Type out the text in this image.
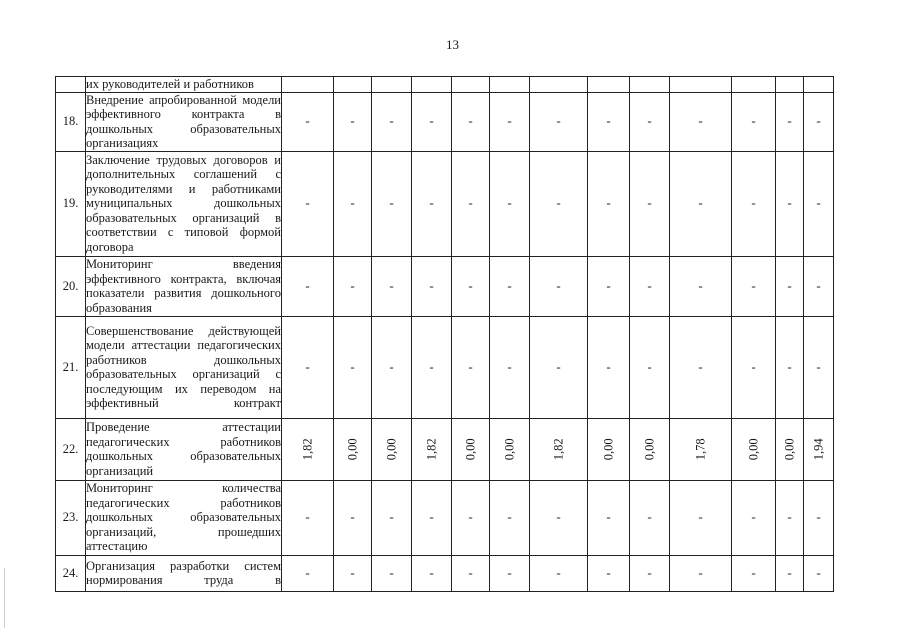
13
	их руководителей и работников													
18.	Внедрение апробированной модели эффективного контракта в дошкольных образовательных организациях	-	-	-	-	-	-	-	-	-	-	-	-	-
19.	Заключение трудовых договоров и дополнительных соглашений с руководителями и работниками муниципальных дошкольных образовательных организаций в соответствии с типовой формой договора	-	-	-	-	-	-	-	-	-	-	-	-	-
20.	Мониторинг введения эффективного контракта, включая показатели развития дошкольного образования	-	-	-	-	-	-	-	-	-	-	-	-	-
21.	Совершенствование действующей модели аттестации педагогических работников дошкольных образовательных организаций с последующим их переводом на эффективный контракт	-	-	-	-	-	-	-	-	-	-	-	-	-
22.	Проведение аттестации педагогических работников дошкольных образовательных организаций	1,82	0,00	0,00	1,82	0,00	0,00	1,82	0,00	0,00	1,78	0,00	0,00	1,94
23.	Мониторинг количества педагогических работников дошкольных образовательных организаций, прошедших аттестацию	-	-	-	-	-	-	-	-	-	-	-	-	-
24.	Организация разработки систем нормирования труда в	-	-	-	-	-	-	-	-	-	-	-	-	-
